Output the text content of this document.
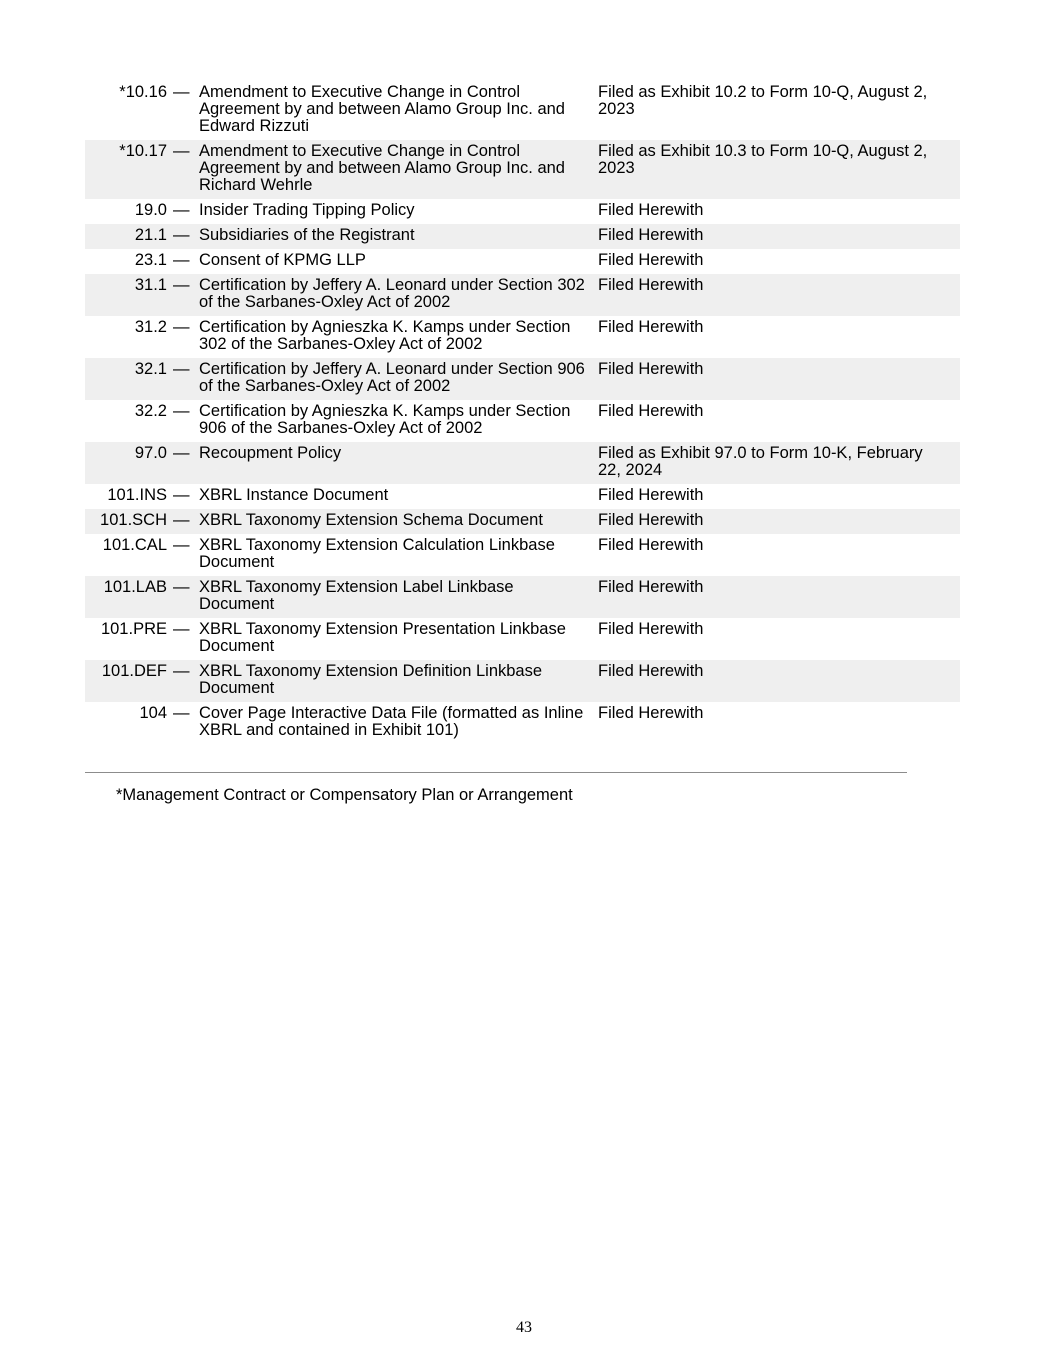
*10.16	—	Amendment to Executive Change in Control Agreement by and between Alamo Group Inc. and Edward Rizzuti	Filed as Exhibit 10.2 to Form 10-Q, August 2, 2023
*10.17	—	Amendment to Executive Change in Control Agreement by and between Alamo Group Inc. and Richard Wehrle	Filed as Exhibit 10.3 to Form 10-Q, August 2, 2023
19.0	—	Insider Trading Tipping Policy	Filed Herewith
21.1	—	Subsidiaries of the Registrant	Filed Herewith
23.1	—	Consent of KPMG LLP	Filed Herewith
31.1	—	Certification by Jeffery A. Leonard under Section 302 of the Sarbanes-Oxley Act of 2002	Filed Herewith
31.2	—	Certification by Agnieszka K. Kamps under Section 302 of the Sarbanes-Oxley Act of 2002	Filed Herewith
32.1	—	Certification by Jeffery A. Leonard under Section 906 of the Sarbanes-Oxley Act of 2002	Filed Herewith
32.2	—	Certification by Agnieszka K. Kamps under Section 906 of the Sarbanes-Oxley Act of 2002	Filed Herewith
97.0	—	Recoupment Policy	Filed as Exhibit 97.0 to Form 10-K, February 22, 2024
101.INS	—	XBRL Instance Document	Filed Herewith
101.SCH	—	XBRL Taxonomy Extension Schema Document	Filed Herewith
101.CAL	—	XBRL Taxonomy Extension Calculation Linkbase Document	Filed Herewith
101.LAB	—	XBRL Taxonomy Extension Label Linkbase Document	Filed Herewith
101.PRE	—	XBRL Taxonomy Extension Presentation Linkbase Document	Filed Herewith
101.DEF	—	XBRL Taxonomy Extension Definition Linkbase Document	Filed Herewith
104	—	Cover Page Interactive Data File (formatted as Inline XBRL and contained in Exhibit 101)	Filed Herewith
*Management Contract or Compensatory Plan or Arrangement
43
